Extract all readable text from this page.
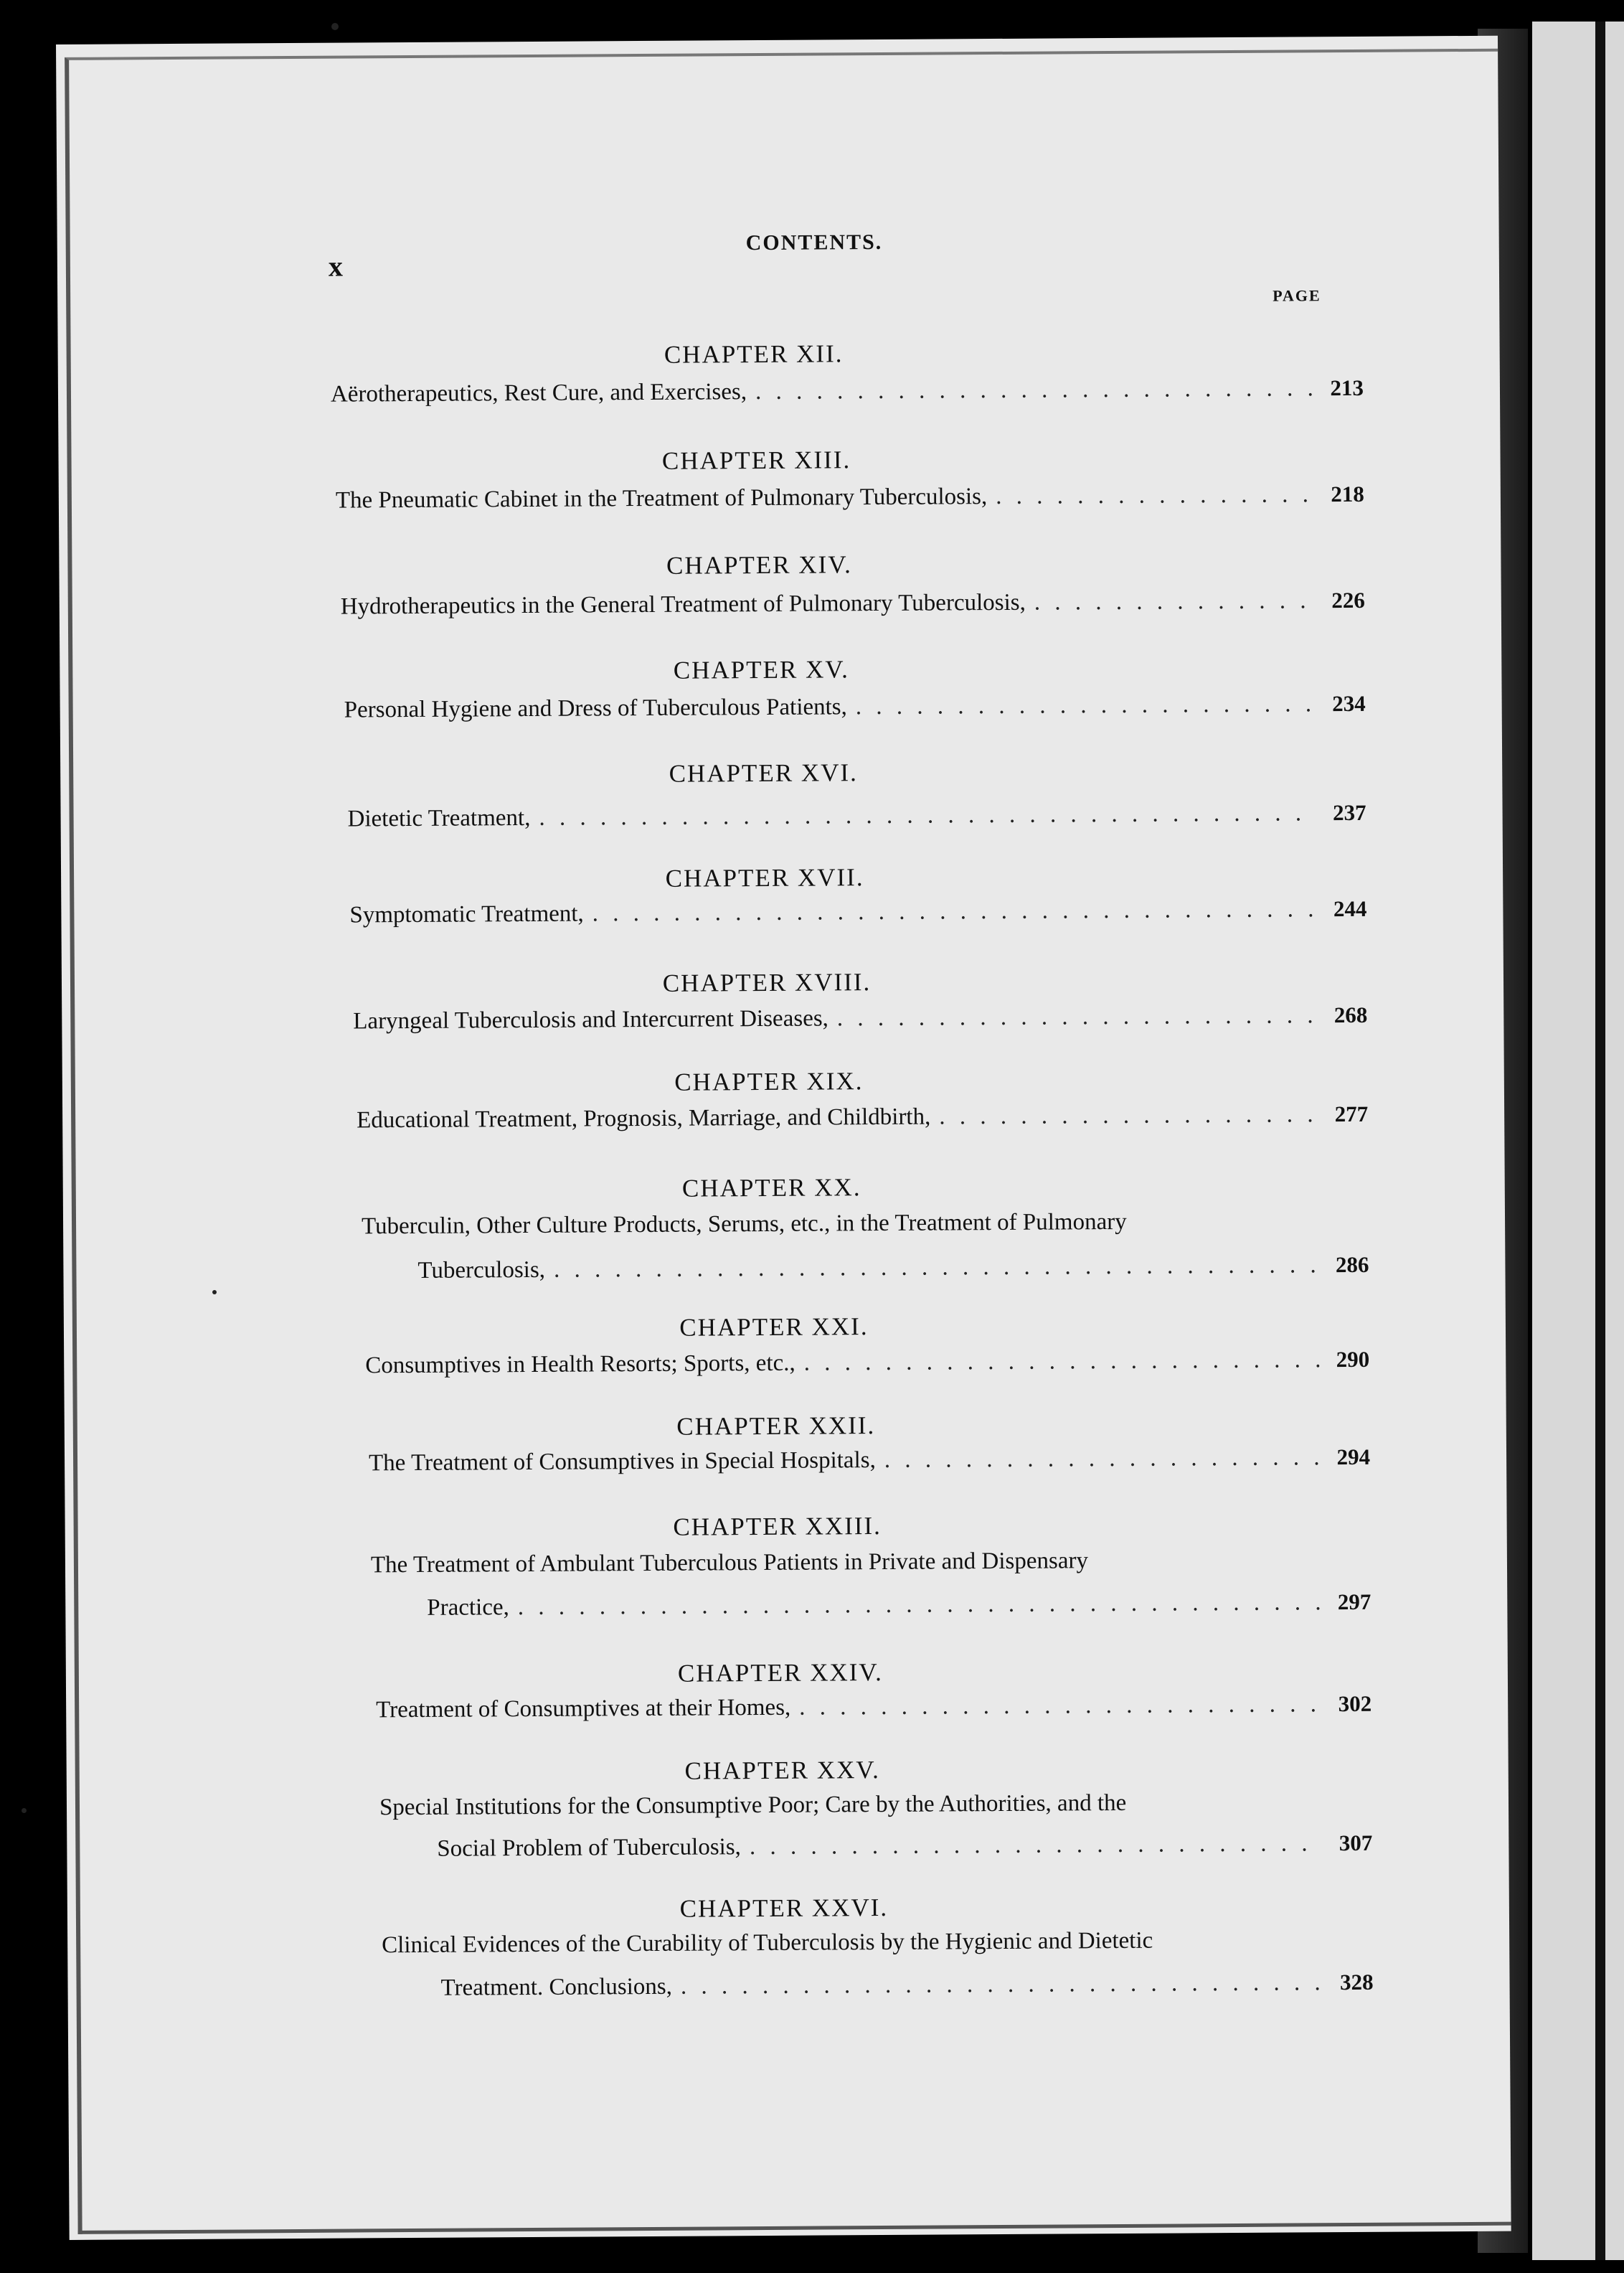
x
CONTENTS.
PAGE
CHAPTER XII.
Aërotherapeutics, Rest Cure, and Exercises, . . .	213
CHAPTER XIII.
The Pneumatic Cabinet in the Treatment of Pulmonary Tuberculosis, . . .	218
CHAPTER XIV.
Hydrotherapeutics in the General Treatment of Pulmonary Tuberculosis, . . .	226
CHAPTER XV.
Personal Hygiene and Dress of Tuberculous Patients, . . .	234
CHAPTER XVI.
Dietetic Treatment, . . .	237
CHAPTER XVII.
Symptomatic Treatment, . . .	244
CHAPTER XVIII.
Laryngeal Tuberculosis and Intercurrent Diseases, . . .	268
CHAPTER XIX.
Educational Treatment, Prognosis, Marriage, and Childbirth, . . .	277
CHAPTER XX.
Tuberculin, Other Culture Products, Serums, etc., in the Treatment of Pulmonary
Tuberculosis, . . .	286
CHAPTER XXI.
Consumptives in Health Resorts; Sports, etc., . . .	290
CHAPTER XXII.
The Treatment of Consumptives in Special Hospitals, . . .	294
CHAPTER XXIII.
The Treatment of Ambulant Tuberculous Patients in Private and Dispensary
Practice, . . .	297
CHAPTER XXIV.
Treatment of Consumptives at their Homes, . . .	302
CHAPTER XXV.
Special Institutions for the Consumptive Poor; Care by the Authorities, and the
Social Problem of Tuberculosis, . . .	307
CHAPTER XXVI.
Clinical Evidences of the Curability of Tuberculosis by the Hygienic and Dietetic
Treatment. Conclusions, . . .	328
